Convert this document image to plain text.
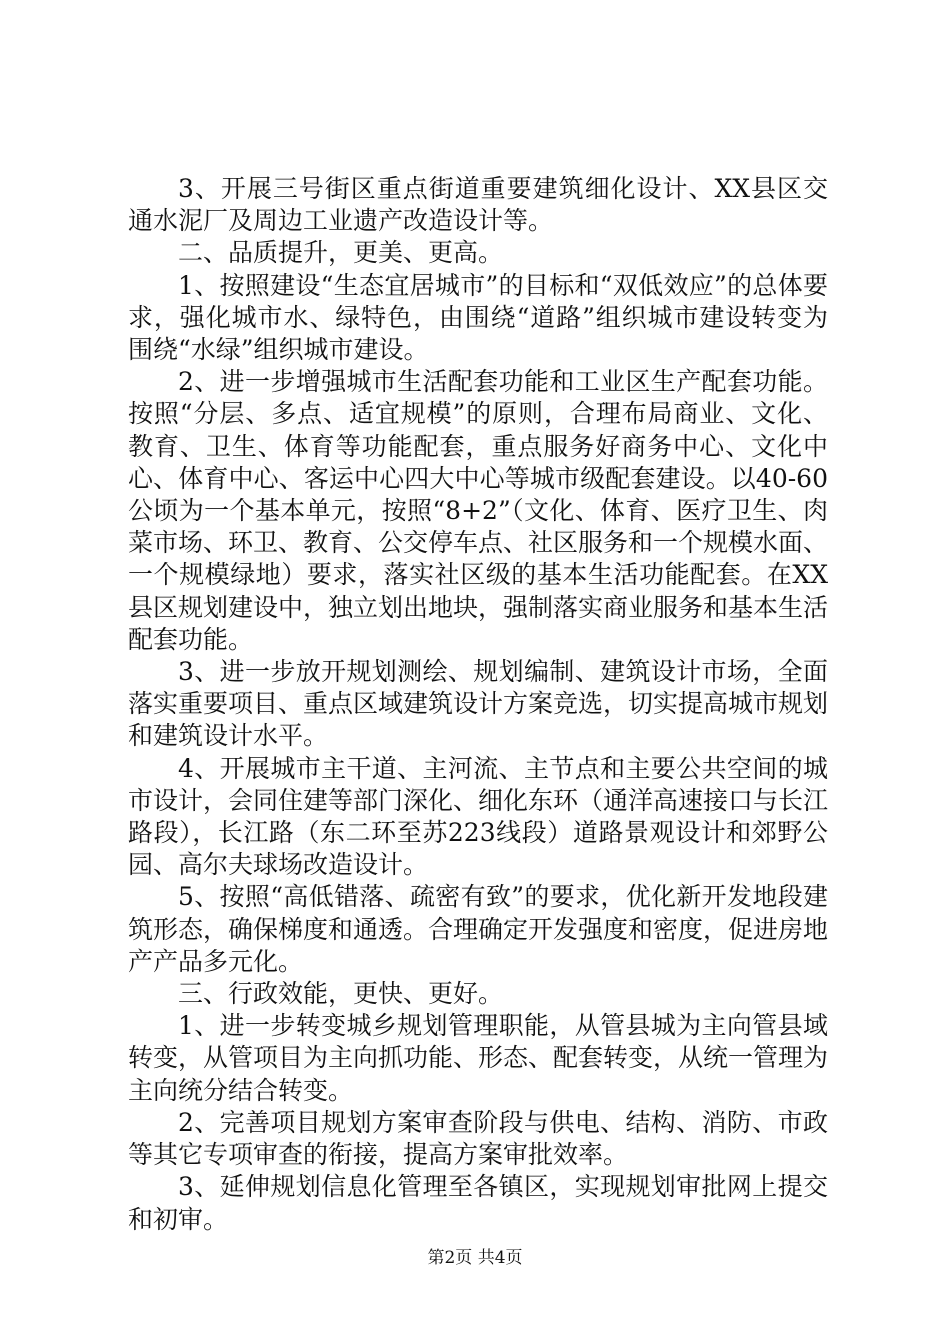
3、开展三号街区重点街道重要建筑细化设计、XX县区交通水泥厂及周边工业遗产改造设计等。

二、品质提升，更美、更高。

1、按照建设“生态宜居城市”的目标和“双低效应”的总体要求，强化城市水、绿特色，由围绕“道路”组织城市建设转变为围绕“水绿”组织城市建设。

2、进一步增强城市生活配套功能和工业区生产配套功能。按照“分层、多点、适宜规模”的原则，合理布局商业、文化、教育、卫生、体育等功能配套，重点服务好商务中心、文化中心、体育中心、客运中心四大中心等城市级配套建设。以40-60公顷为一个基本单元，按照“8+2”（文化、体育、医疗卫生、肉菜市场、环卫、教育、公交停车点、社区服务和一个规模水面、一个规模绿地）要求，落实社区级的基本生活功能配套。在XX县区规划建设中，独立划出地块，强制落实商业服务和基本生活配套功能。

3、进一步放开规划测绘、规划编制、建筑设计市场，全面落实重要项目、重点区域建筑设计方案竞选，切实提高城市规划和建筑设计水平。

4、开展城市主干道、主河流、主节点和主要公共空间的城市设计，会同住建等部门深化、细化东环（通洋高速接口与长江路段），长江路（东二环至苏223线段）道路景观设计和郊野公园、高尔夫球场改造设计。

5、按照“高低错落、疏密有致”的要求，优化新开发地段建筑形态，确保梯度和通透。合理确定开发强度和密度，促进房地产产品多元化。

三、行政效能，更快、更好。

1、进一步转变城乡规划管理职能，从管县城为主向管县域转变，从管项目为主向抓功能、形态、配套转变，从统一管理为主向统分结合转变。

2、完善项目规划方案审查阶段与供电、结构、消防、市政等其它专项审查的衔接，提高方案审批效率。

3、延伸规划信息化管理至各镇区，实现规划审批网上提交和初审。

第2页 共4页
